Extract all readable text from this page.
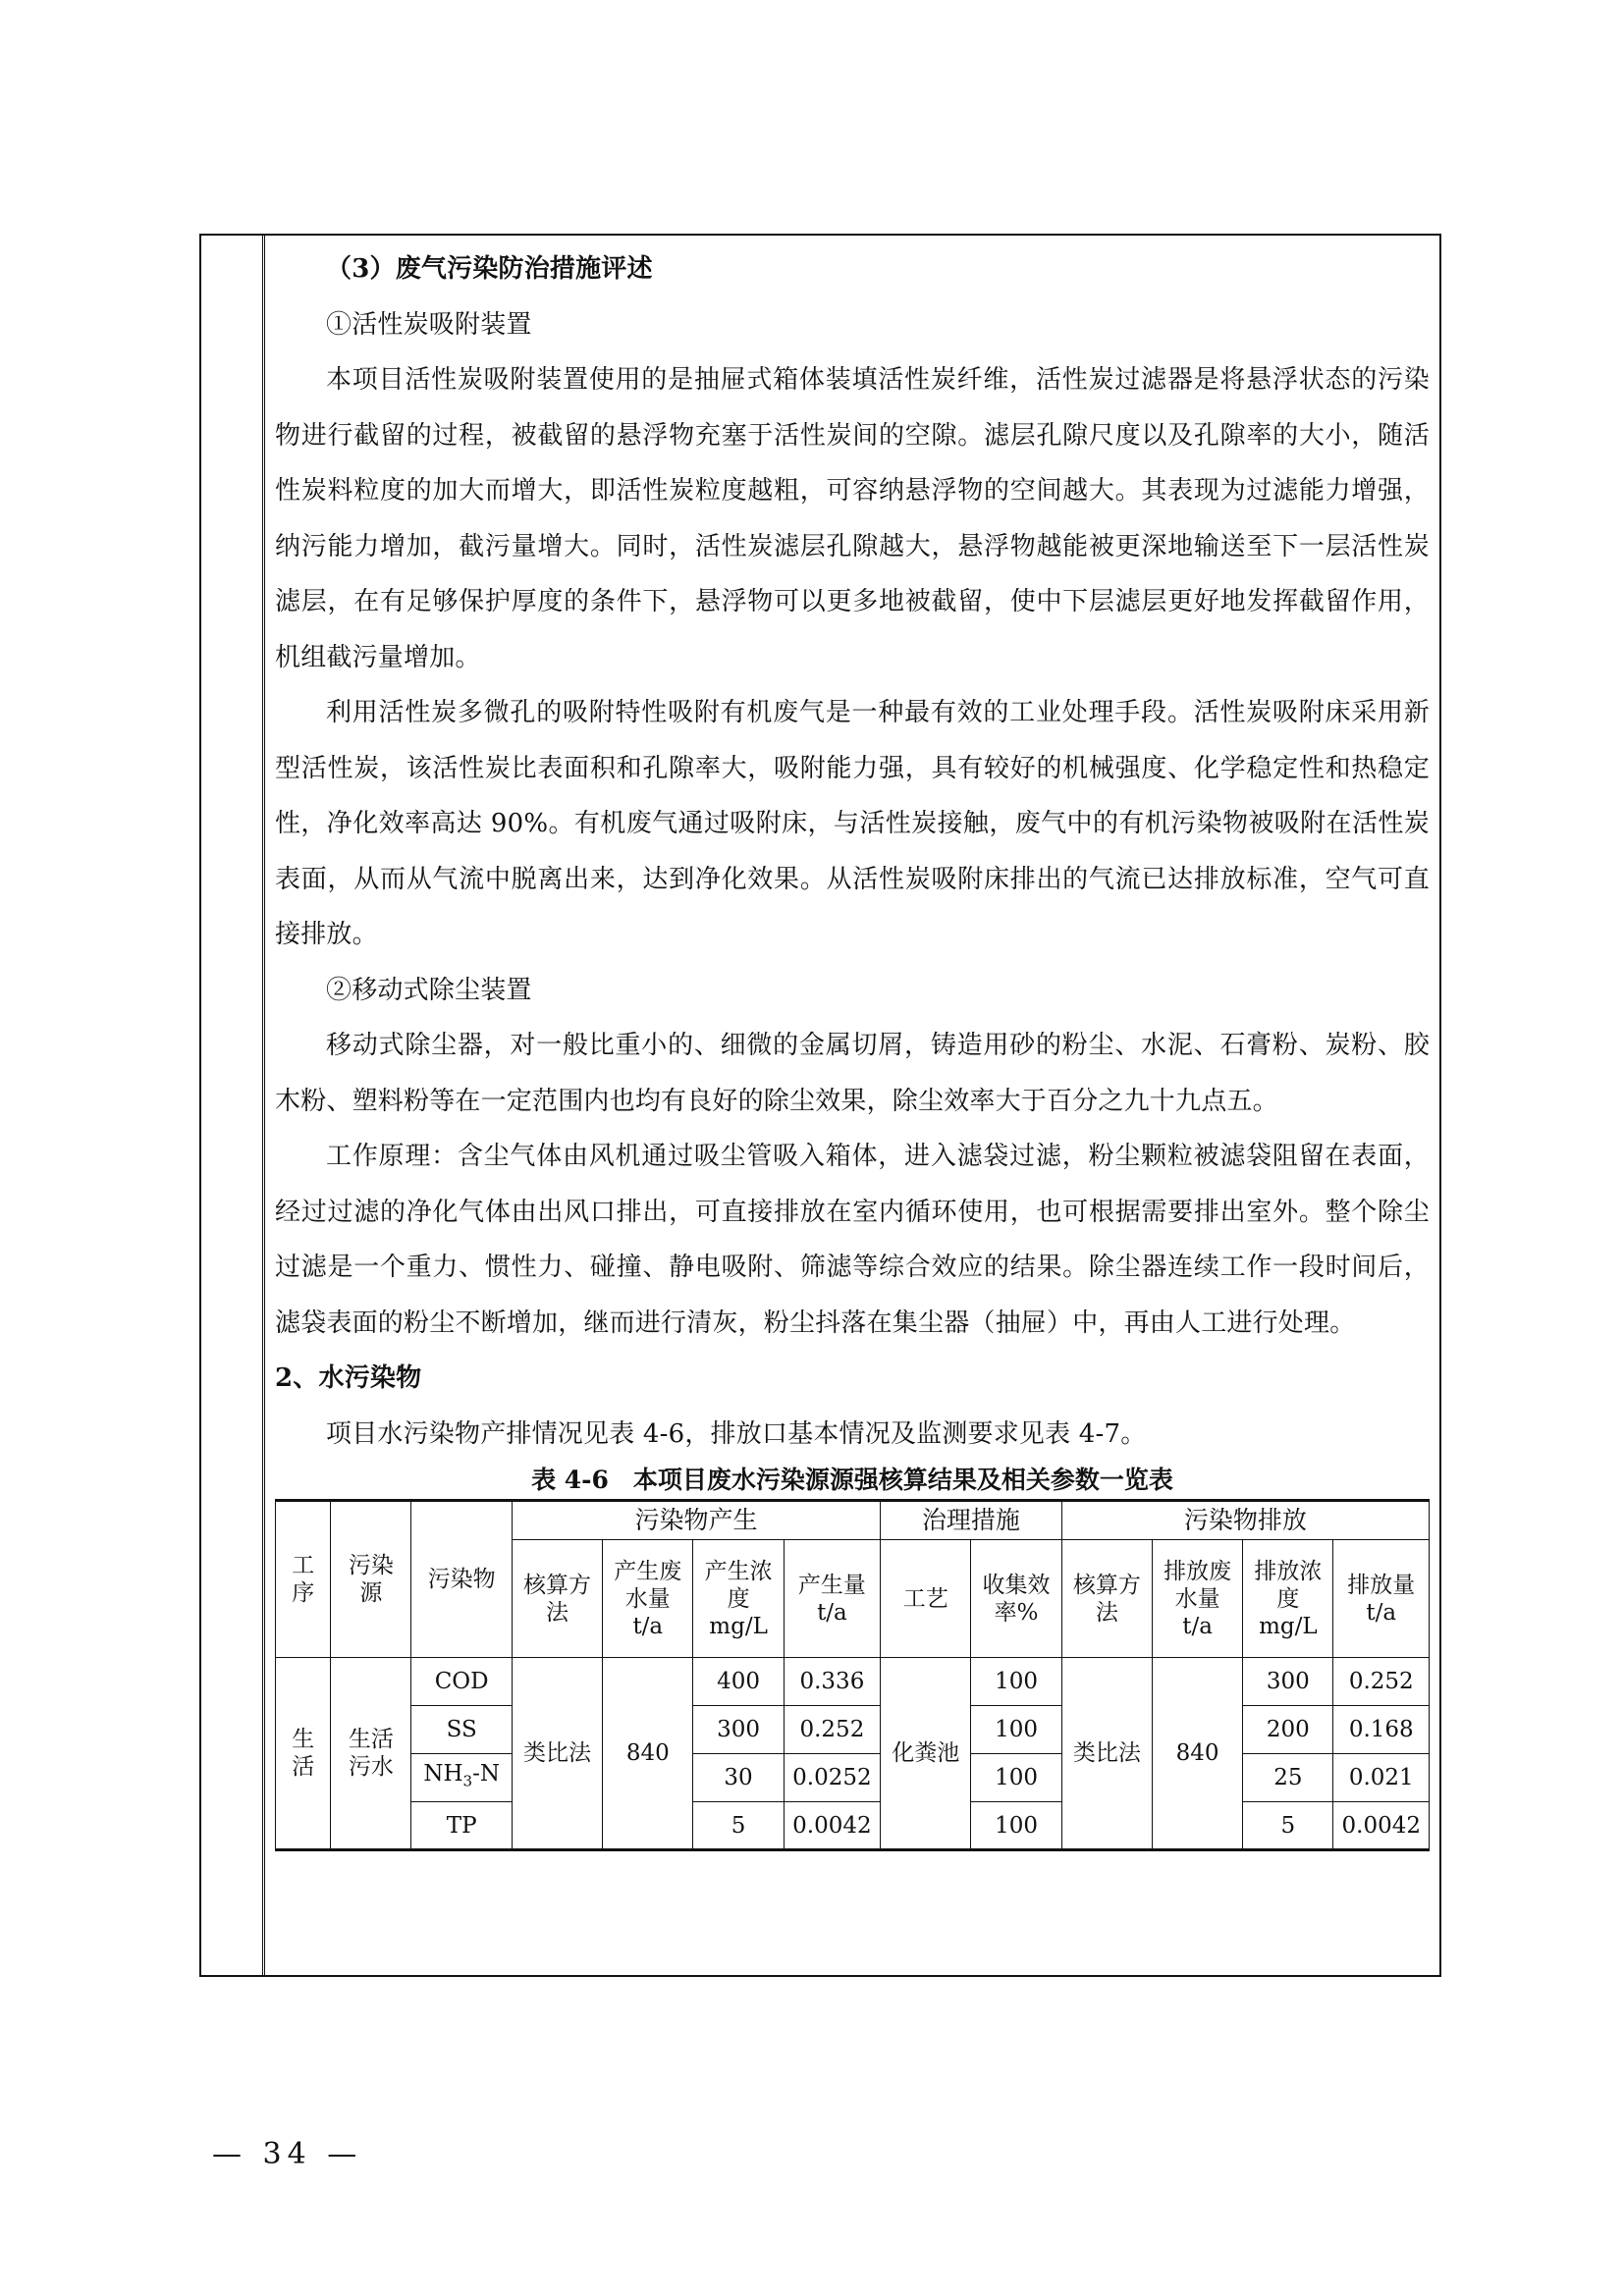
（3）废气污染防治措施评述

①活性炭吸附装置

本项目活性炭吸附装置使用的是抽屉式箱体装填活性炭纤维，活性炭过滤器是将悬浮状态的污染物进行截留的过程，被截留的悬浮物充塞于活性炭间的空隙。滤层孔隙尺度以及孔隙率的大小，随活性炭料粒度的加大而增大，即活性炭粒度越粗，可容纳悬浮物的空间越大。其表现为过滤能力增强，纳污能力增加，截污量增大。同时，活性炭滤层孔隙越大，悬浮物越能被更深地输送至下一层活性炭滤层，在有足够保护厚度的条件下，悬浮物可以更多地被截留，使中下层滤层更好地发挥截留作用，机组截污量增加。

利用活性炭多微孔的吸附特性吸附有机废气是一种最有效的工业处理手段。活性炭吸附床采用新型活性炭，该活性炭比表面积和孔隙率大，吸附能力强，具有较好的机械强度、化学稳定性和热稳定性，净化效率高达 90%。有机废气通过吸附床，与活性炭接触，废气中的有机污染物被吸附在活性炭表面，从而从气流中脱离出来，达到净化效果。从活性炭吸附床排出的气流已达排放标准，空气可直接排放。

②移动式除尘装置

移动式除尘器，对一般比重小的、细微的金属切屑，铸造用砂的粉尘、水泥、石膏粉、炭粉、胶木粉、塑料粉等在一定范围内也均有良好的除尘效果，除尘效率大于百分之九十九点五。

工作原理：含尘气体由风机通过吸尘管吸入箱体，进入滤袋过滤，粉尘颗粒被滤袋阻留在表面，经过过滤的净化气体由出风口排出，可直接排放在室内循环使用，也可根据需要排出室外。整个除尘过滤是一个重力、惯性力、碰撞、静电吸附、筛滤等综合效应的结果。除尘器连续工作一段时间后，滤袋表面的粉尘不断增加，继而进行清灰，粉尘抖落在集尘器（抽屉）中，再由人工进行处理。

2、水污染物

项目水污染物产排情况见表 4-6，排放口基本情况及监测要求见表 4-7。

表 4-6　本项目废水污染源源强核算结果及相关参数一览表
工序	污染源	污染物	污染物产生				治理措施		污染物排放			
			核算方法	产生废水量 t/a	产生浓度 mg/L	产生量 t/a	工艺	收集效率%	核算方法	排放废水量 t/a	排放浓度 mg/L	排放量 t/a
生活	生活污水	COD	类比法	840	400	0.336	化粪池	100	类比法	840	300	0.252
		SS			300	0.252		100			200	0.168
		$NH_3-N$			30	0.0252		100			25	0.021
		TP			5	0.0042		100			5	0.0042
— 34 —
